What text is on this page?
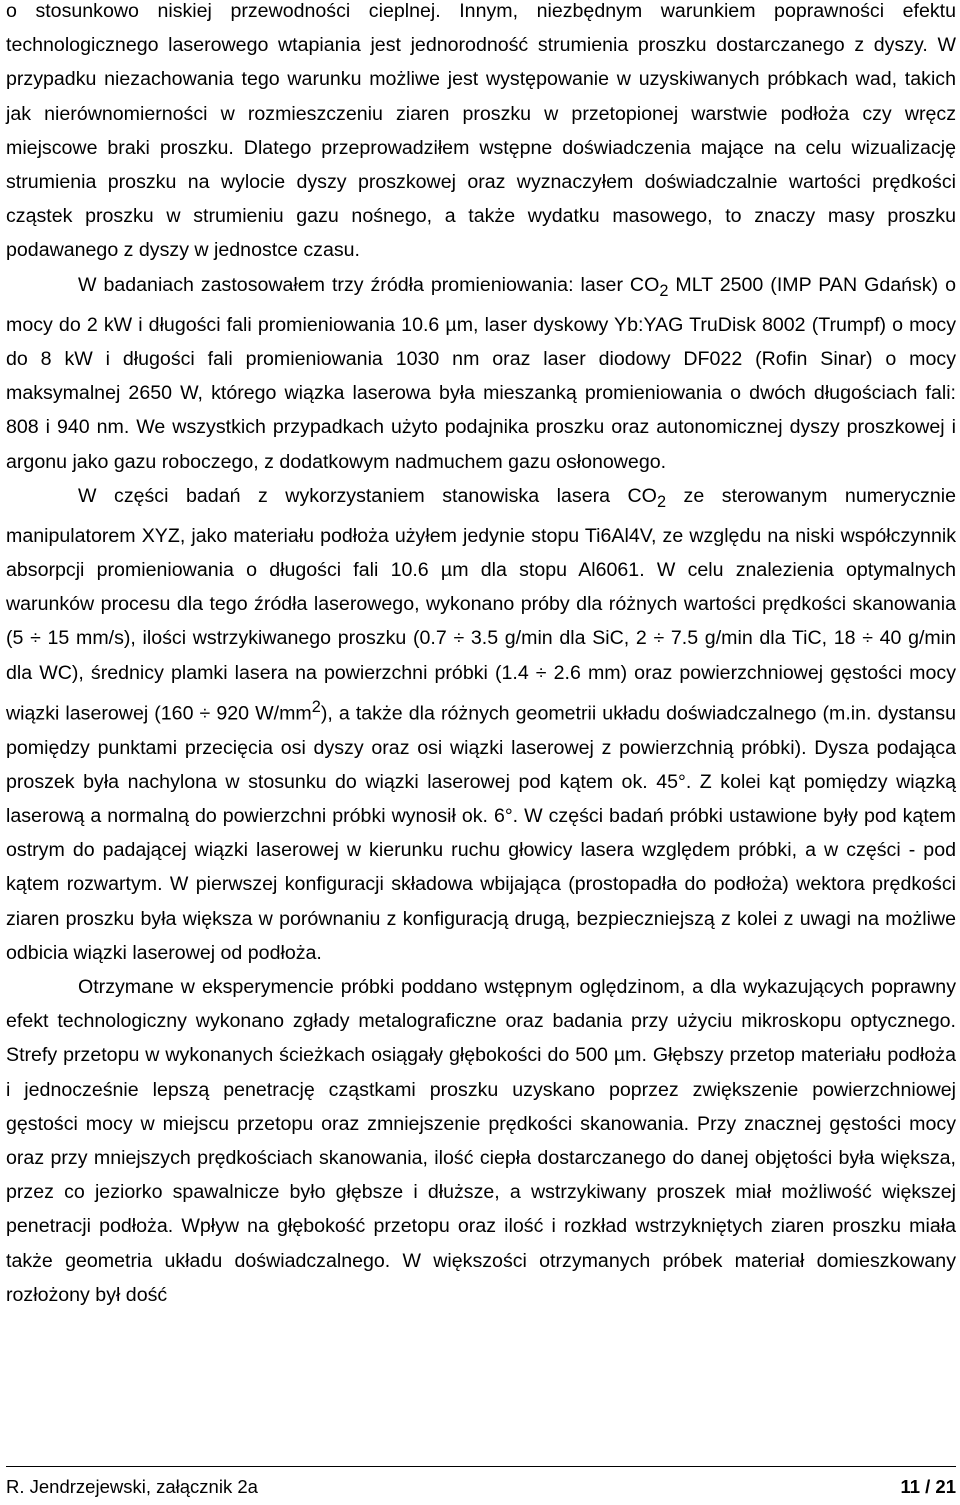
o stosunkowo niskiej przewodności cieplnej. Innym, niezbędnym warunkiem poprawności efektu technologicznego laserowego wtapiania jest jednorodność strumienia proszku dostarczanego z dyszy. W przypadku niezachowania tego warunku możliwe jest występowanie w uzyskiwanych próbkach wad, takich jak nierównomierności w rozmieszczeniu ziaren proszku w przetopionej warstwie podłoża czy wręcz miejscowe braki proszku. Dlatego przeprowadziłem wstępne doświadczenia mające na celu wizualizację strumienia proszku na wylocie dyszy proszkowej oraz wyznaczyłem doświadczalnie wartości prędkości cząstek proszku w strumieniu gazu nośnego, a także wydatku masowego, to znaczy masy proszku podawanego z dyszy w jednostce czasu.

W badaniach zastosowałem trzy źródła promieniowania: laser $CO_2$ MLT 2500 (IMP PAN Gdańsk) o mocy do 2 kW i długości fali promieniowania 10.6 µm, laser dyskowy Yb:YAG TruDisk 8002 (Trumpf) o mocy do 8 kW i długości fali promieniowania 1030 nm oraz laser diodowy DF022 (Rofin Sinar) o mocy maksymalnej 2650 W, którego wiązka laserowa była mieszanką promieniowania o dwóch długościach fali: 808 i 940 nm. We wszystkich przypadkach użyto podajnika proszku oraz autonomicznej dyszy proszkowej i argonu jako gazu roboczego, z dodatkowym nadmuchem gazu osłonowego.

W części badań z wykorzystaniem stanowiska lasera $CO_2$ ze sterowanym numerycznie manipulatorem XYZ, jako materiału podłoża użyłem jedynie stopu Ti6Al4V, ze względu na niski współczynnik absorpcji promieniowania o długości fali 10.6 µm dla stopu Al6061. W celu znalezienia optymalnych warunków procesu dla tego źródła laserowego, wykonano próby dla różnych wartości prędkości skanowania (5 ÷ 15 mm/s), ilości wstrzykiwanego proszku (0.7 ÷ 3.5 g/min dla SiC, 2 ÷ 7.5 g/min dla TiC, 18 ÷ 40 g/min dla WC), średnicy plamki lasera na powierzchni próbki (1.4 ÷ 2.6 mm) oraz powierzchniowej gęstości mocy wiązki laserowej (160 ÷ 920 $W/mm^2$), a także dla różnych geometrii układu doświadczalnego (m.in. dystansu pomiędzy punktami przecięcia osi dyszy oraz osi wiązki laserowej z powierzchnią próbki). Dysza podająca proszek była nachylona w stosunku do wiązki laserowej pod kątem ok. 45°. Z kolei kąt pomiędzy wiązką laserową a normalną do powierzchni próbki wynosił ok. 6°. W części badań próbki ustawione były pod kątem ostrym do padającej wiązki laserowej w kierunku ruchu głowicy lasera względem próbki, a w części - pod kątem rozwartym. W pierwszej konfiguracji składowa wbijająca (prostopadła do podłoża) wektora prędkości ziaren proszku była większa w porównaniu z konfiguracją drugą, bezpieczniejszą z kolei z uwagi na możliwe odbicia wiązki laserowej od podłoża.

Otrzymane w eksperymencie próbki poddano wstępnym oględzinom, a dla wykazujących poprawny efekt technologiczny wykonano zgłady metalograficzne oraz badania przy użyciu mikroskopu optycznego. Strefy przetopu w wykonanych ścieżkach osiągały głębokości do 500 µm. Głębszy przetop materiału podłoża i jednocześnie lepszą penetrację cząstkami proszku uzyskano poprzez zwiększenie powierzchniowej gęstości mocy w miejscu przetopu oraz zmniejszenie prędkości skanowania. Przy znacznej gęstości mocy oraz przy mniejszych prędkościach skanowania, ilość ciepła dostarczanego do danej objętości była większa, przez co jeziorko spawalnicze było głębsze i dłuższe, a wstrzykiwany proszek miał możliwość większej penetracji podłoża. Wpływ na głębokość przetopu oraz ilość i rozkład wstrzykniętych ziaren proszku miała także geometria układu doświadczalnego. W większości otrzymanych próbek materiał domieszkowany rozłożony był dość

R. Jendrzejewski, załącznik 2a	11 / 21
